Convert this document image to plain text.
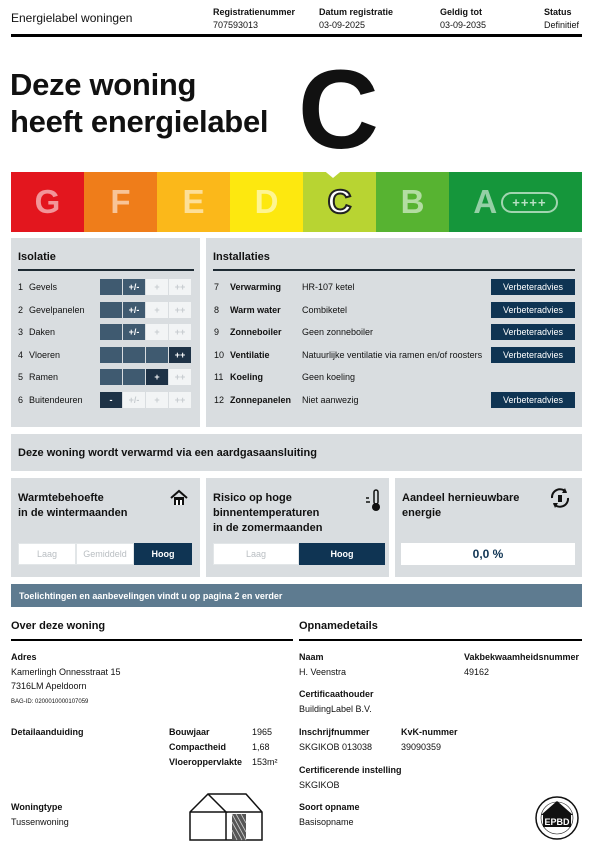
Energielabel woningen	Registratienummer
707593013
Datum registratie
03-09-2025
Geldig tot
03-09-2035
Status
Definitief
Deze woning
heeft energielabel C
G F E D C B A	++++
Isolatie
1 Gevels	+/-	+	++
2 Gevelpanelen	+/-	+	++
3 Daken	+/-	+	++
4 Vloeren	++
5 Ramen	+	++
6 Buitendeuren	-	+/-	+	++
Installaties
7 Verwarming HR-107 ketel	Verbeteradvies
8 Warm water Combiketel	Verbeteradvies
9 Zonneboiler Geen zonneboiler	Verbeteradvies
10 Ventilatie	Natuurlijke ventilatie via ramen en/of roosters	Verbeteradvies
11 Koeling	Geen koeling
12 Zonnepanelen Niet aanwezig	Verbeteradvies
Deze woning wordt verwarmd via een aardgasaansluiting
Warmtebehoefte
in de wintermaanden
Laag	Gemiddeld	Hoog
Risico op hoge
binnentemperaturen
in de zomermaanden
Laag	Hoog
Aandeel hernieuwbare
energie
0,0 %
Toelichtingen en aanbevelingen vindt u op pagina 2 en verder
Over deze woning
Adres
Kamerlingh Onnesstraat 15
7316LM Apeldoorn
BAG-ID: 0200010000107059
Detailaanduiding	Bouwjaar	1965
Compactheid	1,68
Vloeroppervlakte 153m²
Woningtype
Tussenwoning
Opnamedetails
Naam
H. Veenstra
Vakbekwaamheidsnummer
49162
Certificaathouder
BuildingLabel B.V.
Inschrijfnummer
SKGIKOB 013038
KvK-nummer
39090359
Certificerende instelling
SKGIKOB
Soort opname
Basisopname	EPBD
